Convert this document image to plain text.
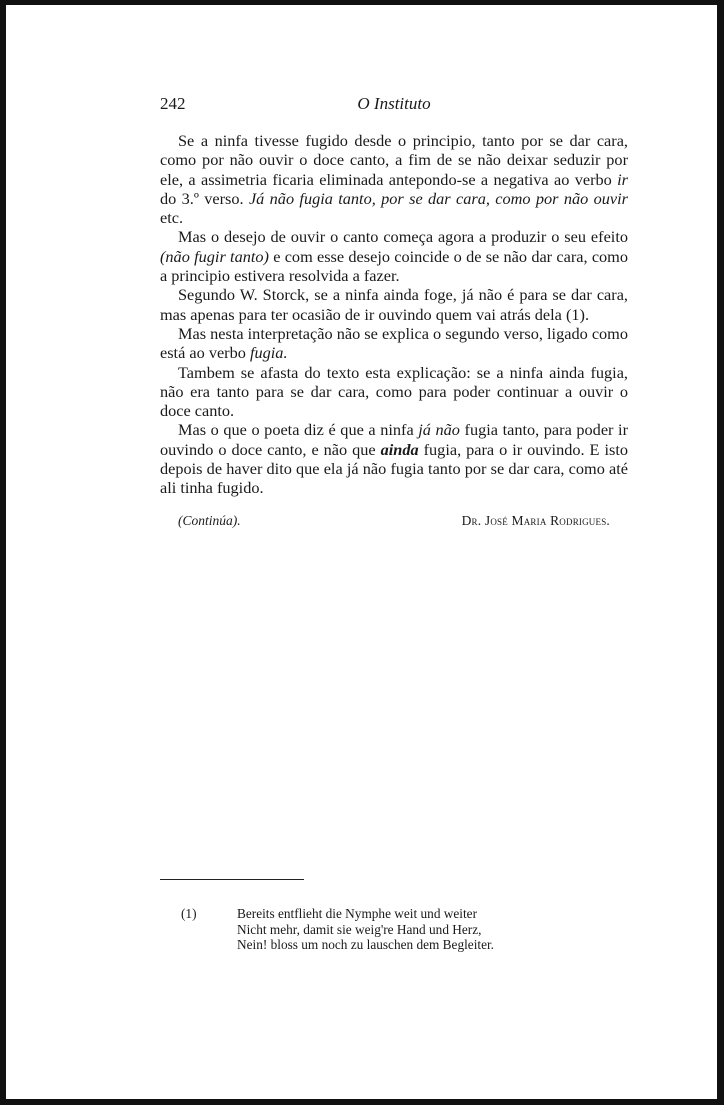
242	O Instituto

Se a ninfa tivesse fugido desde o principio, tanto por se dar cara, como por não ouvir o doce canto, a fim de se não deixar seduzir por ele, a assimetria ficaria eliminada antepondo-se a negativa ao verbo ir do 3.º verso. Já não fugia tanto, por se dar cara, como por não ouvir etc.

Mas o desejo de ouvir o canto começa agora a produzir o seu efeito (não fugir tanto) e com esse desejo coincide o de se não dar cara, como a principio estivera resolvida a fazer.

Segundo W. Storck, se a ninfa ainda foge, já não é para se dar cara, mas apenas para ter ocasião de ir ouvindo quem vai atrás dela (1).

Mas nesta interpretação não se explica o segundo verso, ligado como está ao verbo fugia.

Tambem se afasta do texto esta explicação: se a ninfa ainda fugia, não era tanto para se dar cara, como para poder continuar a ouvir o doce canto.

Mas o que o poeta diz é que a ninfa já não fugia tanto, para poder ir ouvindo o doce canto, e não que ainda fugia, para o ir ouvindo. E isto depois de haver dito que ela já não fugia tanto por se dar cara, como até ali tinha fugido.

(Continúa).	Dr. José Maria Rodrigues.
(1)	Bereits entflieht die Nymphe weit und weiter
Nicht mehr, damit sie weig're Hand und Herz,
Nein! bloss um noch zu lauschen dem Begleiter.
